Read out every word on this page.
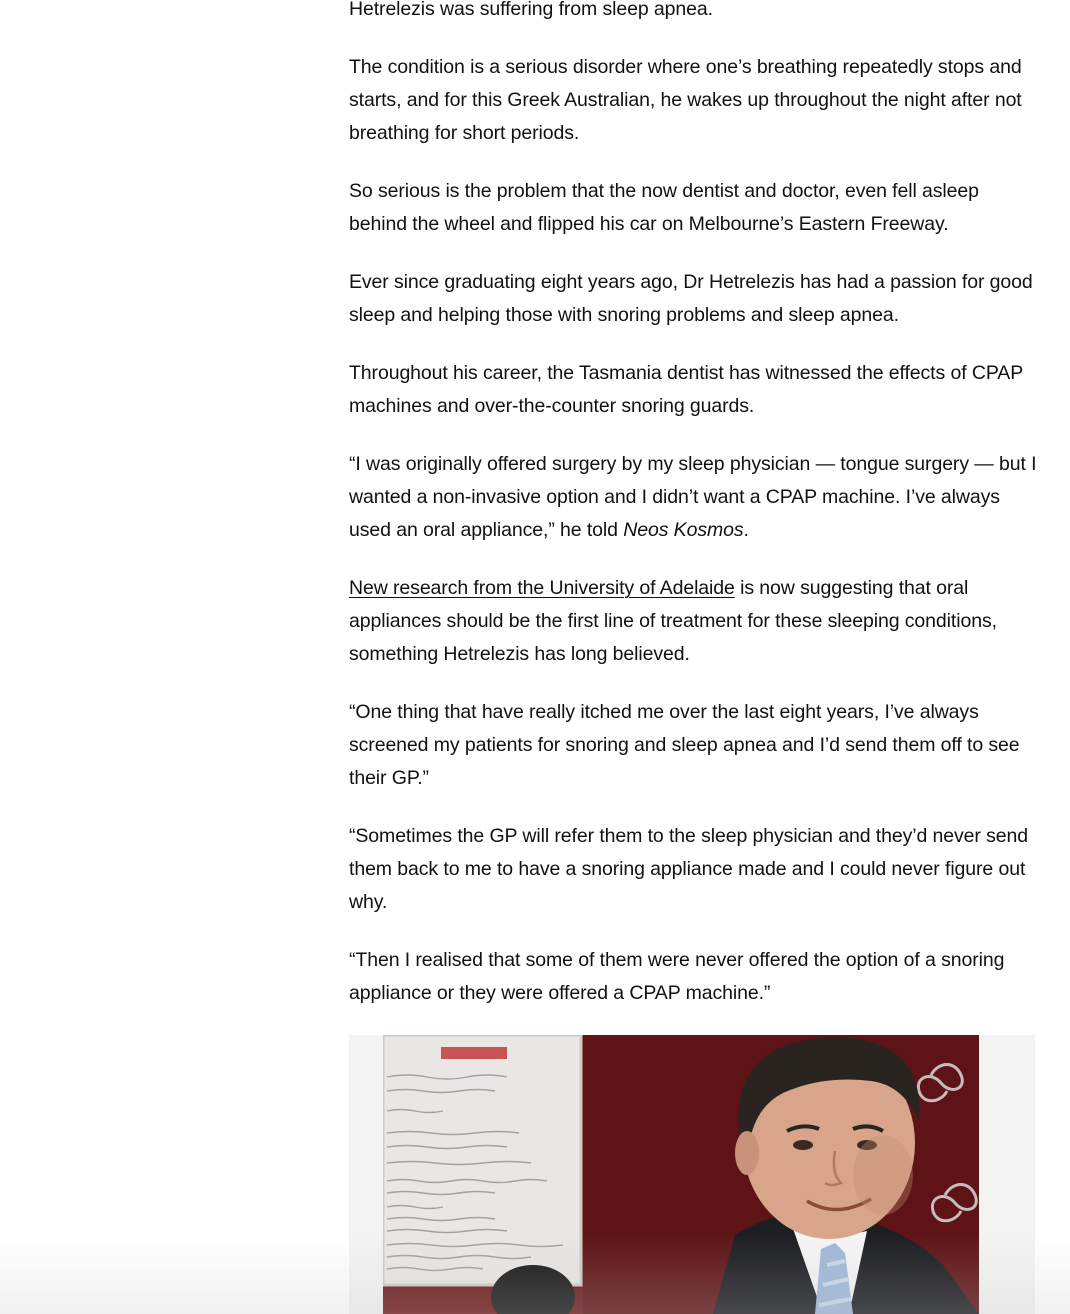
Hetrelezis was suffering from sleep apnea.

The condition is a serious disorder where one’s breathing repeatedly stops and starts, and for this Greek Australian, he wakes up throughout the night after not breathing for short periods.

So serious is the problem that the now dentist and doctor, even fell asleep behind the wheel and flipped his car on Melbourne’s Eastern Freeway.

Ever since graduating eight years ago, Dr Hetrelezis has had a passion for good sleep and helping those with snoring problems and sleep apnea.

Throughout his career, the Tasmania dentist has witnessed the effects of CPAP machines and over-the-counter snoring guards.

“I was originally offered surgery by my sleep physician — tongue surgery — but I wanted a non-invasive option and I didn’t want a CPAP machine. I’ve always used an oral appliance,” he told Neos Kosmos.

New research from the University of Adelaide is now suggesting that oral appliances should be the first line of treatment for these sleeping conditions, something Hetrelezis has long believed.

“One thing that have really itched me over the last eight years, I’ve always screened my patients for snoring and sleep apnea and I’d send them off to see their GP.”

“Sometimes the GP will refer them to the sleep physician and they’d never send them back to me to have a snoring appliance made and I could never figure out why.

“Then I realised that some of them were never offered the option of a snoring appliance or they were offered a CPAP machine.”
